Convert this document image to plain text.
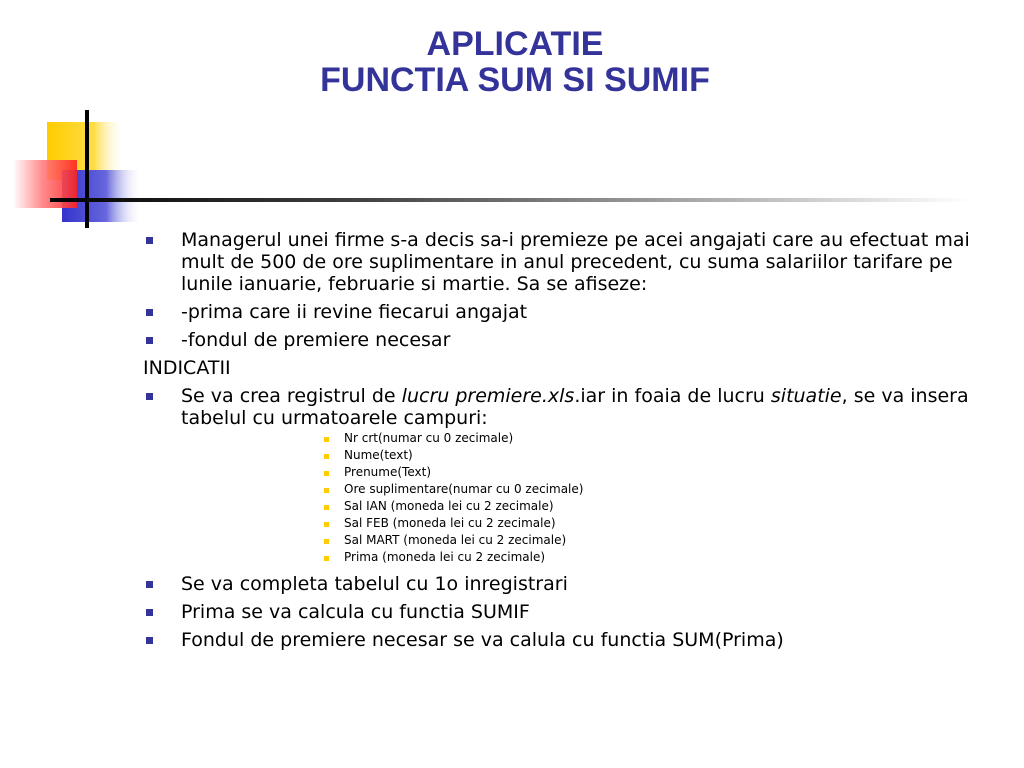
APLICATIE
FUNCTIA SUM SI SUMIF
Managerul unei firme s-a decis sa-i premieze pe acei angajati care au efectuat mai mult de 500 de ore suplimentare in anul precedent, cu suma salariilor tarifare pe lunile ianuarie, februarie si martie. Sa se afiseze:
-prima care ii revine fiecarui angajat
-fondul de premiere necesar
INDICATII
Se va crea registrul de lucru premiere.xls.iar in foaia de lucru situatie, se va insera tabelul cu urmatoarele campuri:
Nr crt(numar cu 0 zecimale)
Nume(text)
Prenume(Text)
Ore suplimentare(numar cu 0 zecimale)
Sal IAN (moneda lei cu 2 zecimale)
Sal FEB (moneda lei cu 2 zecimale)
Sal MART (moneda lei cu 2 zecimale)
Prima (moneda lei cu 2 zecimale)
Se va completa tabelul cu 1o inregistrari
Prima se va calcula cu functia SUMIF
Fondul de premiere necesar se va calula cu functia SUM(Prima)
